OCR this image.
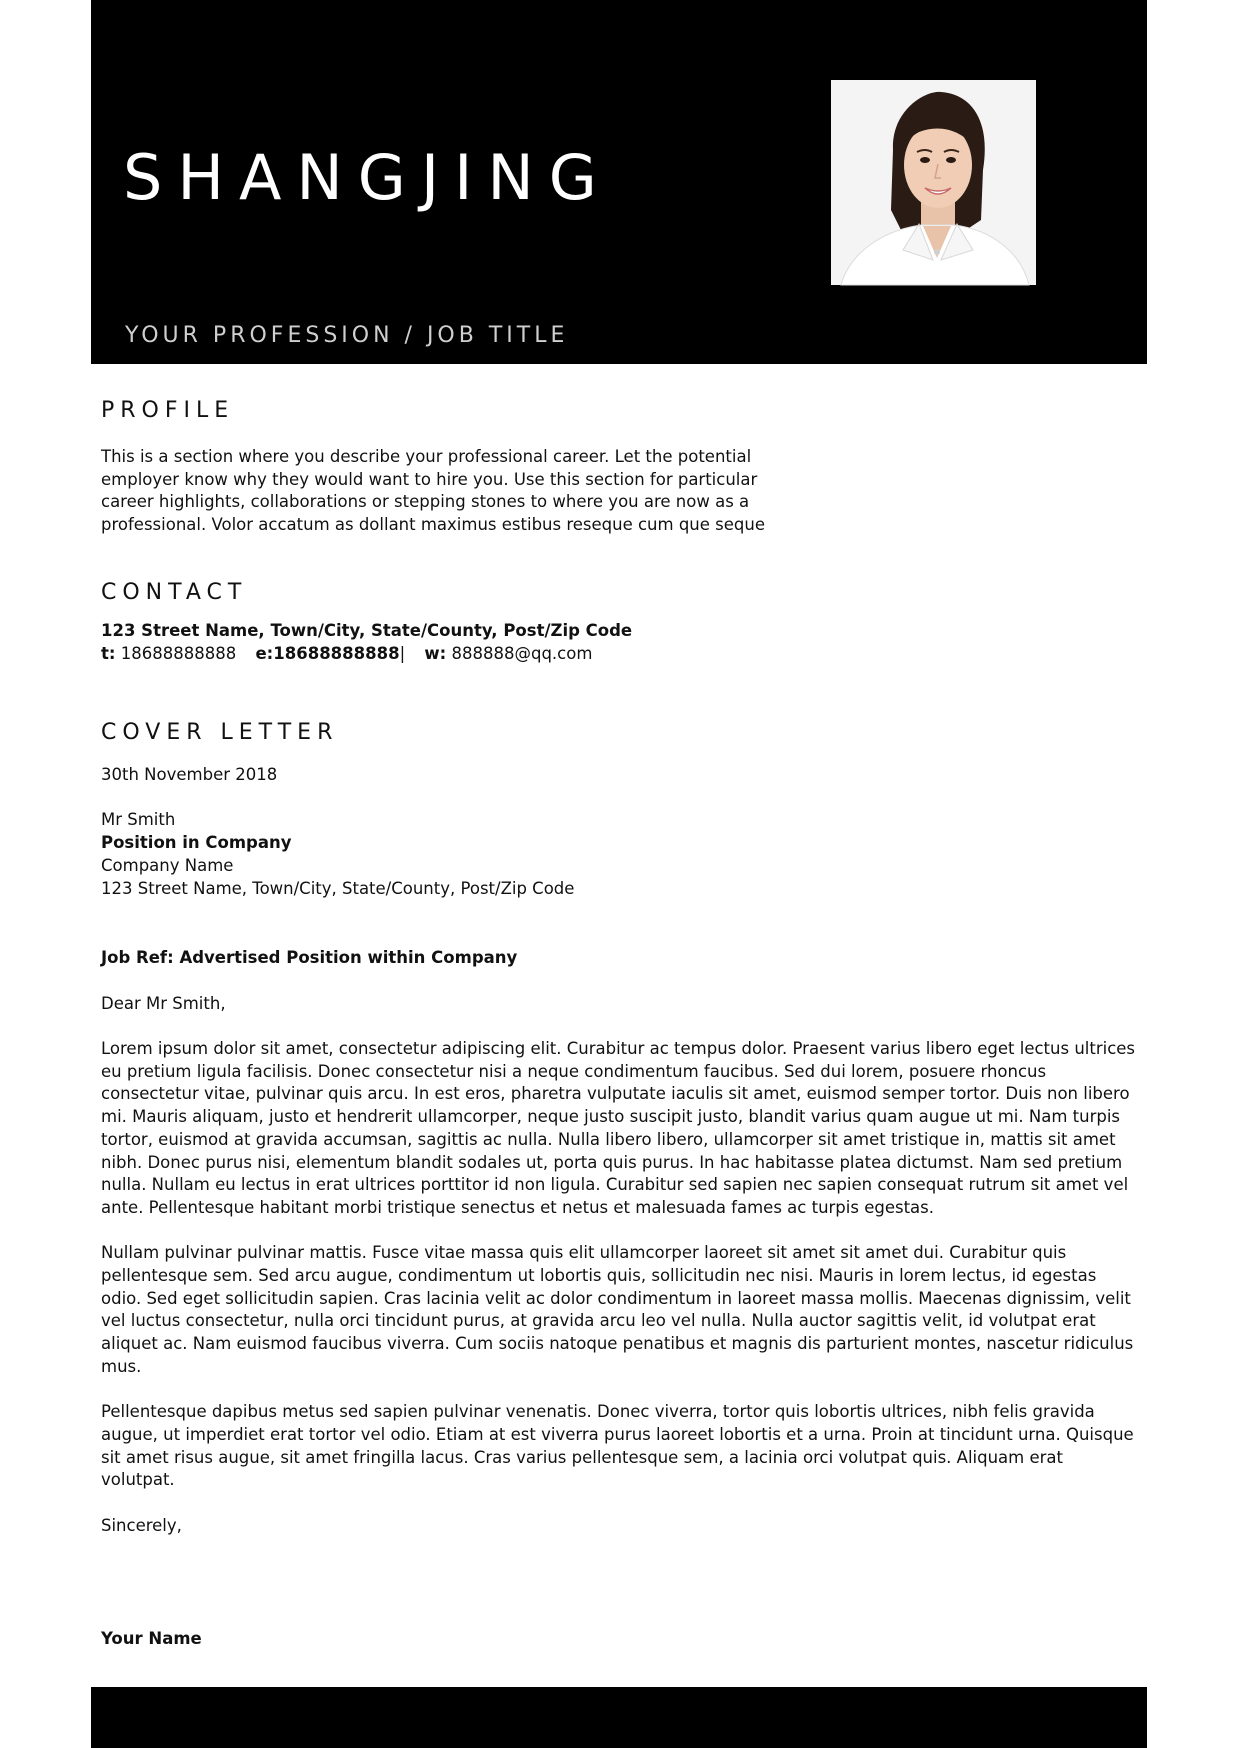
SHANGJING
YOUR PROFESSION / JOB TITLE
PROFILE

This is a section where you describe your professional career. Let the potential employer know why they would want to hire you. Use this section for particular career highlights, collaborations or stepping stones to where you are now as a professional. Volor accatum as dollant maximus estibus reseque cum que seque

CONTACT
123 Street Name, Town/City, State/County, Post/Zip Code
t: 18688888888 e:18688888888| w: 888888@qq.com
COVER LETTER

30th November 2018

Mr Smith

Position in Company

Company Name

123 Street Name, Town/City, State/County, Post/Zip Code

Job Ref: Advertised Position within Company

Dear Mr Smith,

Lorem ipsum dolor sit amet, consectetur adipiscing elit. Curabitur ac tempus dolor. Praesent varius libero eget lectus ultrices eu pretium ligula facilisis. Donec consectetur nisi a neque condimentum faucibus. Sed dui lorem, posuere rhoncus consectetur vitae, pulvinar quis arcu. In est eros, pharetra vulputate iaculis sit amet, euismod semper tortor. Duis non libero mi. Mauris aliquam, justo et hendrerit ullamcorper, neque justo suscipit justo, blandit varius quam augue ut mi. Nam turpis tortor, euismod at gravida accumsan, sagittis ac nulla. Nulla libero libero, ullamcorper sit amet tristique in, mattis sit amet nibh. Donec purus nisi, elementum blandit sodales ut, porta quis purus. In hac habitasse platea dictumst. Nam sed pretium nulla. Nullam eu lectus in erat ultrices porttitor id non ligula. Curabitur sed sapien nec sapien consequat rutrum sit amet vel ante. Pellentesque habitant morbi tristique senectus et netus et malesuada fames ac turpis egestas.

Nullam pulvinar pulvinar mattis. Fusce vitae massa quis elit ullamcorper laoreet sit amet sit amet dui. Curabitur quis pellentesque sem. Sed arcu augue, condimentum ut lobortis quis, sollicitudin nec nisi. Mauris in lorem lectus, id egestas odio. Sed eget sollicitudin sapien. Cras lacinia velit ac dolor condimentum in laoreet massa mollis. Maecenas dignissim, velit vel luctus consectetur, nulla orci tincidunt purus, at gravida arcu leo vel nulla. Nulla auctor sagittis velit, id volutpat erat aliquet ac. Nam euismod faucibus viverra. Cum sociis natoque penatibus et magnis dis parturient montes, nascetur ridiculus mus.

Pellentesque dapibus metus sed sapien pulvinar venenatis. Donec viverra, tortor quis lobortis ultrices, nibh felis gravida augue, ut imperdiet erat tortor vel odio. Etiam at est viverra purus laoreet lobortis et a urna. Proin at tincidunt urna. Quisque sit amet risus augue, sit amet fringilla lacus. Cras varius pellentesque sem, a lacinia orci volutpat quis. Aliquam erat volutpat.

Sincerely,

Your Name
